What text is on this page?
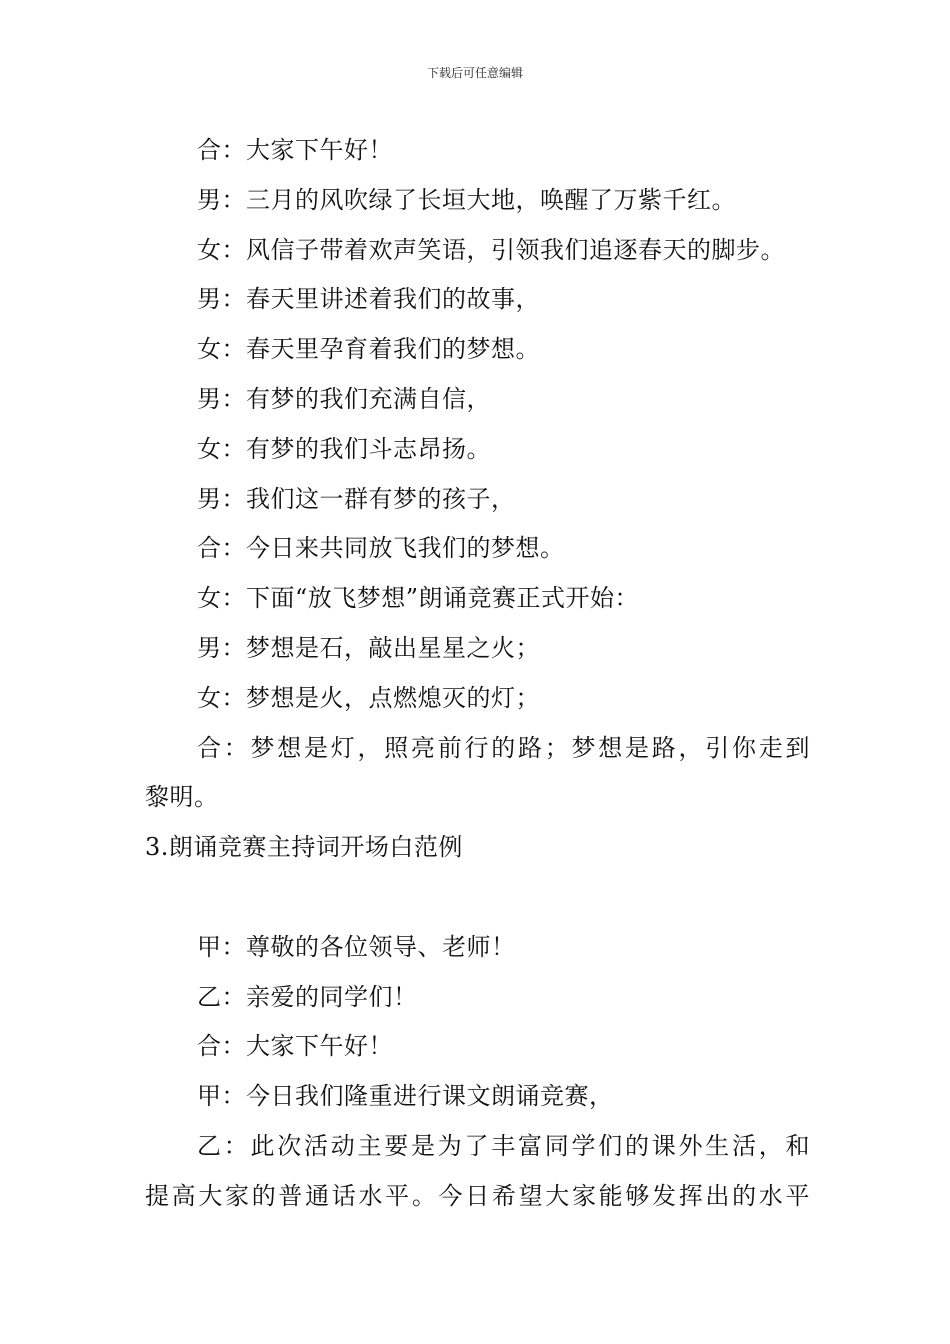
下载后可任意编辑
合：大家下午好！
男：三月的风吹绿了长垣大地，唤醒了万紫千红。
女：风信子带着欢声笑语，引领我们追逐春天的脚步。
男：春天里讲述着我们的故事，
女：春天里孕育着我们的梦想。
男：有梦的我们充满自信，
女：有梦的我们斗志昂扬。
男：我们这一群有梦的孩子，
合：今日来共同放飞我们的梦想。
女：下面“放飞梦想”朗诵竞赛正式开始：
男：梦想是石，敲出星星之火；
女：梦想是火，点燃熄灭的灯；
合：梦想是灯，照亮前行的路；梦想是路，引你走到
黎明。
3.朗诵竞赛主持词开场白范例
甲：尊敬的各位领导、老师！
乙：亲爱的同学们！
合：大家下午好！
甲：今日我们隆重进行课文朗诵竞赛，
乙：此次活动主要是为了丰富同学们的课外生活，和
提高大家的普通话水平。今日希望大家能够发挥出的水平
